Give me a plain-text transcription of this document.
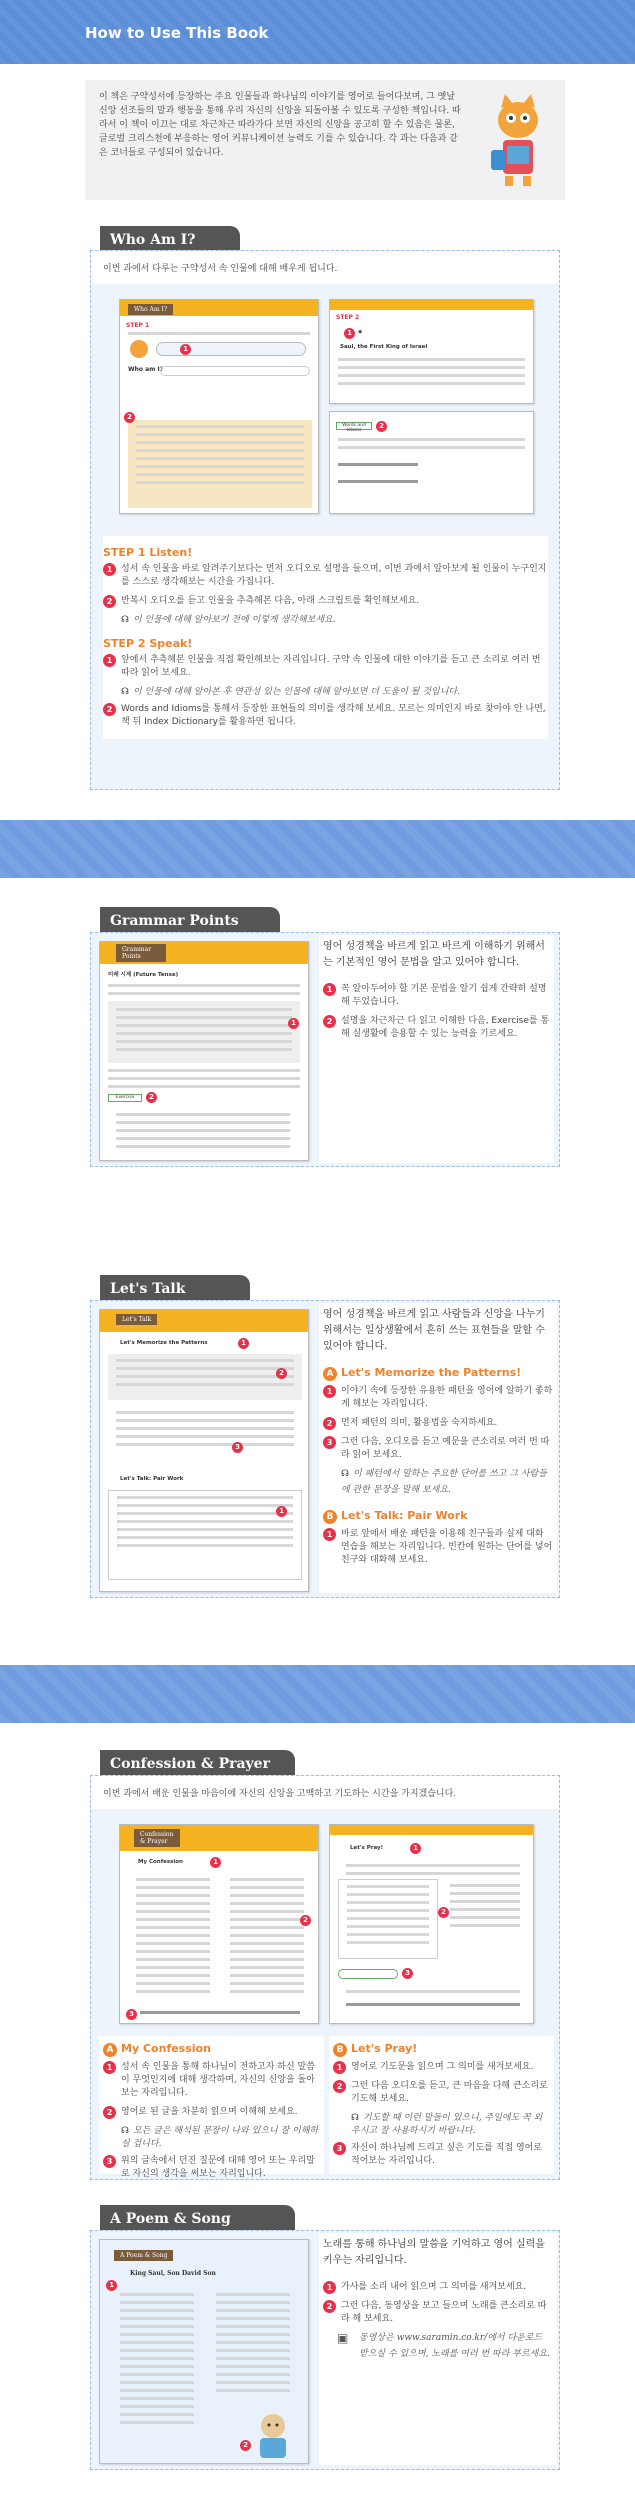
How to Use This Book
이 책은 구약성서에 등장하는 주요 인물들과 하나님의 이야기를 영어로 들어다보며, 그 옛날 신앙 선조들의 말과 행동을 통해 우리 자신의 신앙을 되돌아볼 수 있도록 구성한 책입니다. 따라서 이 책이 이끄는 대로 차근차근 따라가다 보면 자신의 신앙을 공고히 할 수 있음은 물론, 글로벌 크리스천에 부응하는 영어 커뮤니케이션 능력도 기를 수 있습니다. 각 과는 다음과 같은 코너들로 구성되어 있습니다.
Who Am I?
이번 과에서 다루는 구약성서 속 인물에 대해 배우게 됩니다.
Who Am I?
STEP 1
1
Who am I?
2
STEP 2
1	◉
Saul, the First King of Israel
Words and Idioms
2
STEP 1 Listen!
1 성서 속 인물을 바로 알려주기보다는 먼저 오디오로 설명을 들으며, 이번 과에서 알아보게 될 인물이 누구인지를 스스로 생각해보는 시간을 가집니다.
2 반복시 오디오를 듣고 인물을 추측해본 다음, 아래 스크립트를 확인해보세요.
☊ 이 인물에 대해 알아보기 전에 이렇게 생각해보세요.
STEP 2 Speak!
1 앞에서 추측해본 인물을 직접 확인해보는 자리입니다. 구약 속 인물에 대한 이야기를 듣고 큰 소리로 여러 번 따라 읽어 보세요.
☊ 이 인물에 대해 알아본 후 연관성 있는 인물에 대해 알아보면 더 도움이 될 것입니다.
2 Words and Idioms를 통해서 등장한 표현들의 의미를 생각해 보세요. 모르는 의미인지 바로 찾아야 안 나면, 책 뒤 Index Dictionary를 활용하면 됩니다.
Grammar Points
Grammar Points
미래 시제 (Future Tense)
1
Exercise	2
영어 성경책을 바르게 읽고 바르게 이해하기 위해서는 기본적인 영어 문법을 알고 있어야 합니다.
1 꼭 알아두어야 할 기본 문법을 알기 쉽게 간략히 설명해 두었습니다.
2 설명을 차근차근 다 읽고 이해한 다음, Exercise를 통해 실생활에 응용할 수 있는 능력을 기르세요.
Let's Talk
Let's Talk
Let's Memorize the Patterns	1
2
3
Let's Talk: Pair Work
1
영어 성경책을 바르게 읽고 사람들과 신앙을 나누기 위해서는 일상생활에서 흔히 쓰는 표현들을 말할 수 있어야 합니다.
A Let's Memorize the Patterns!
1 이야기 속에 등장한 유용한 패턴을 영어에 알하기 좋하게 해보는 자리입니다.
2 먼저 패턴의 의미, 활용법을 숙지하세요.
3 그런 다음, 오디오를 듣고 예문을 큰소리로 여러 번 따라 읽어 보세요.
☊ 이 패턴에서 말하는 주요한 단어를 쓰고 그 사람들에 관한 문장을 말해 보세요.
B Let's Talk: Pair Work
1 바로 앞에서 배운 패턴을 이용해 친구들과 실제 대화 연습을 해보는 자리입니다. 빈칸에 원하는 단어를 넣어 친구와 대화해 보세요.
Confession & Prayer
이번 과에서 배운 인물을 마음이에 자신의 신앙을 고백하고 기도하는 시간을 가지겠습니다.
Confession & Prayer
My Confession	1
2
3
Let's Pray!	1
2
3
A My Confession
1 성서 속 인물을 통해 하나님이 전하고자 하신 말씀이 무엇인지에 대해 생각하며, 자신의 신앙을 돌아보는 자리입니다.
2 영어로 된 글을 차분히 읽으며 이해해 보세요.
☊ 모든 글은 해석된 문장이 나와 있으니 잘 이해하실 겁니다.
3 위의 글속에서 던진 질문에 대해 영어 또는 우리말로 자신의 생각을 써보는 자리입니다.
B Let's Pray!
1 영어로 기도문을 읽으며 그 의미를 새겨보세요.
2 그런 다음 오디오를 듣고, 큰 마음을 다해 큰소리로 기도해 보세요.
☊ 기도할 때 이런 말들이 있으니, 주일에도 꼭 외우시고 잘 사용하시기 바랍니다.
3 자신이 하나님께 드리고 싶은 기도를 직접 영어로 적어보는 자리입니다.
A Poem & Song
A Poem & Song
King Saul, Son David Son
1
2
노래를 통해 하나님의 말씀을 기억하고 영어 실력을 키우는 자리입니다.
1 가사를 소리 내어 읽으며 그 의미를 새겨보세요.
2 그런 다음, 동영상을 보고 들으며 노래를 큰소리로 따라 해 보세요.
▣ 동영상은 www.saramin.co.kr/에서 다운로드 받으실 수 있으며, 노래를 여러 번 따라 부르세요.
